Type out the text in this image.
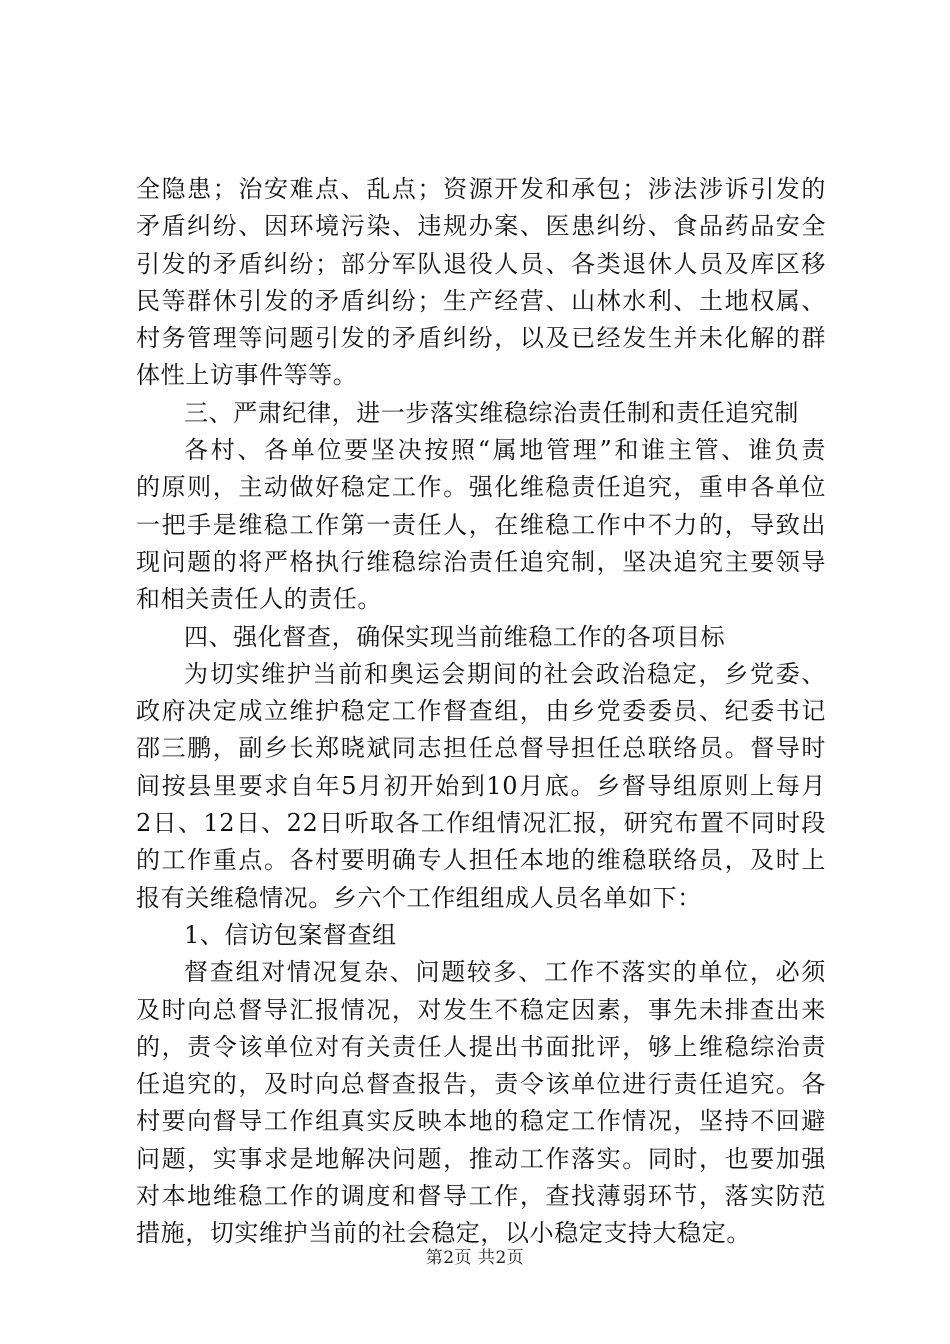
全隐患；治安难点、乱点；资源开发和承包；涉法涉诉引发的
矛盾纠纷、因环境污染、违规办案、医患纠纷、食品药品安全
引发的矛盾纠纷；部分军队退役人员、各类退休人员及库区移
民等群休引发的矛盾纠纷；生产经营、山林水利、土地权属、
村务管理等问题引发的矛盾纠纷，以及已经发生并未化解的群
体性上访事件等等。
三、严肃纪律，进一步落实维稳综治责任制和责任追究制
各村、各单位要坚决按照“属地管理”和谁主管、谁负责
的原则，主动做好稳定工作。强化维稳责任追究，重申各单位
一把手是维稳工作第一责任人，在维稳工作中不力的，导致出
现问题的将严格执行维稳综治责任追究制，坚决追究主要领导
和相关责任人的责任。
四、强化督查，确保实现当前维稳工作的各项目标
为切实维护当前和奥运会期间的社会政治稳定，乡党委、
政府决定成立维护稳定工作督查组，由乡党委委员、纪委书记
邵三鹏，副乡长郑晓斌同志担任总督导担任总联络员。督导时
间按县里要求自年5月初开始到10月底。乡督导组原则上每月
2日、12日、22日听取各工作组情况汇报，研究布置不同时段
的工作重点。各村要明确专人担任本地的维稳联络员，及时上
报有关维稳情况。乡六个工作组组成人员名单如下：
1、信访包案督查组
督查组对情况复杂、问题较多、工作不落实的单位，必须
及时向总督导汇报情况，对发生不稳定因素，事先未排查出来
的，责令该单位对有关责任人提出书面批评，够上维稳综治责
任追究的，及时向总督查报告，责令该单位进行责任追究。各
村要向督导工作组真实反映本地的稳定工作情况，坚持不回避
问题，实事求是地解决问题，推动工作落实。同时，也要加强
对本地维稳工作的调度和督导工作，查找薄弱环节，落实防范
措施，切实维护当前的社会稳定，以小稳定支持大稳定。
第2页 共2页
